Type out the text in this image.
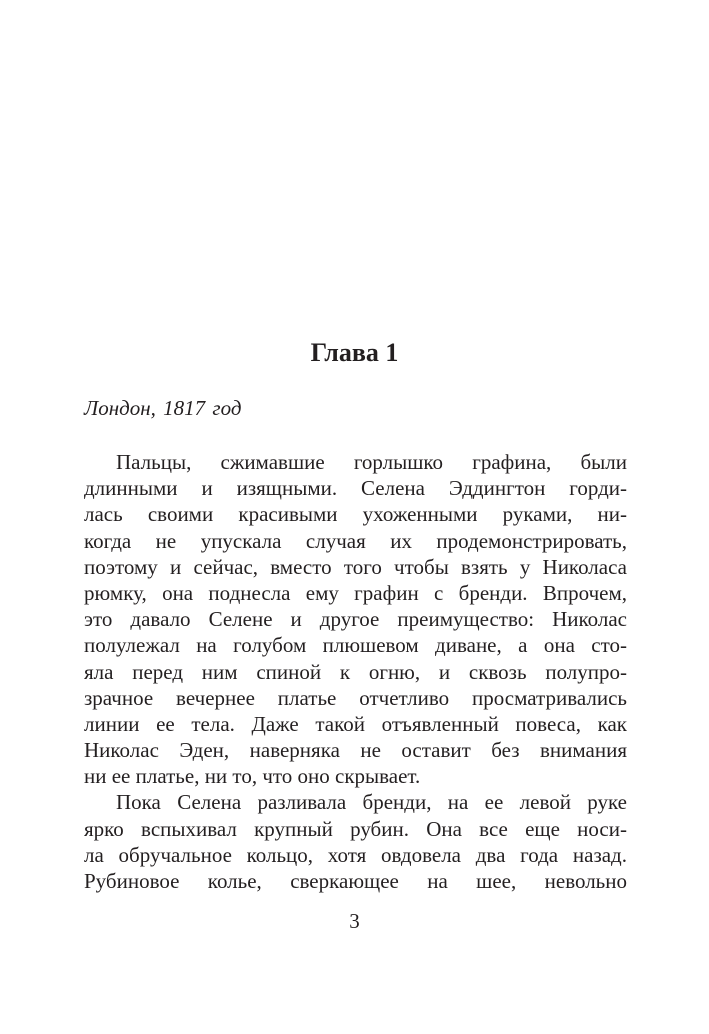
Глава 1
Лондон, 1817 год
Пальцы, сжимавшие горлышко графина, были
длинными и изящными. Селена Эддингтон горди-
лась своими красивыми ухоженными руками, ни-
когда не упускала случая их продемонстрировать,
поэтому и сейчас, вместо того чтобы взять у Николаса
рюмку, она поднесла ему графин с бренди. Впрочем,
это давало Селене и другое преимущество: Николас
полулежал на голубом плюшевом диване, а она сто-
яла перед ним спиной к огню, и сквозь полупро-
зрачное вечернее платье отчетливо просматривались
линии ее тела. Даже такой отъявленный повеса, как
Николас Эден, наверняка не оставит без внимания
ни ее платье, ни то, что оно скрывает.
Пока Селена разливала бренди, на ее левой руке
ярко вспыхивал крупный рубин. Она все еще носи-
ла обручальное кольцо, хотя овдовела два года назад.
Рубиновое колье, сверкающее на шее, невольно
3
